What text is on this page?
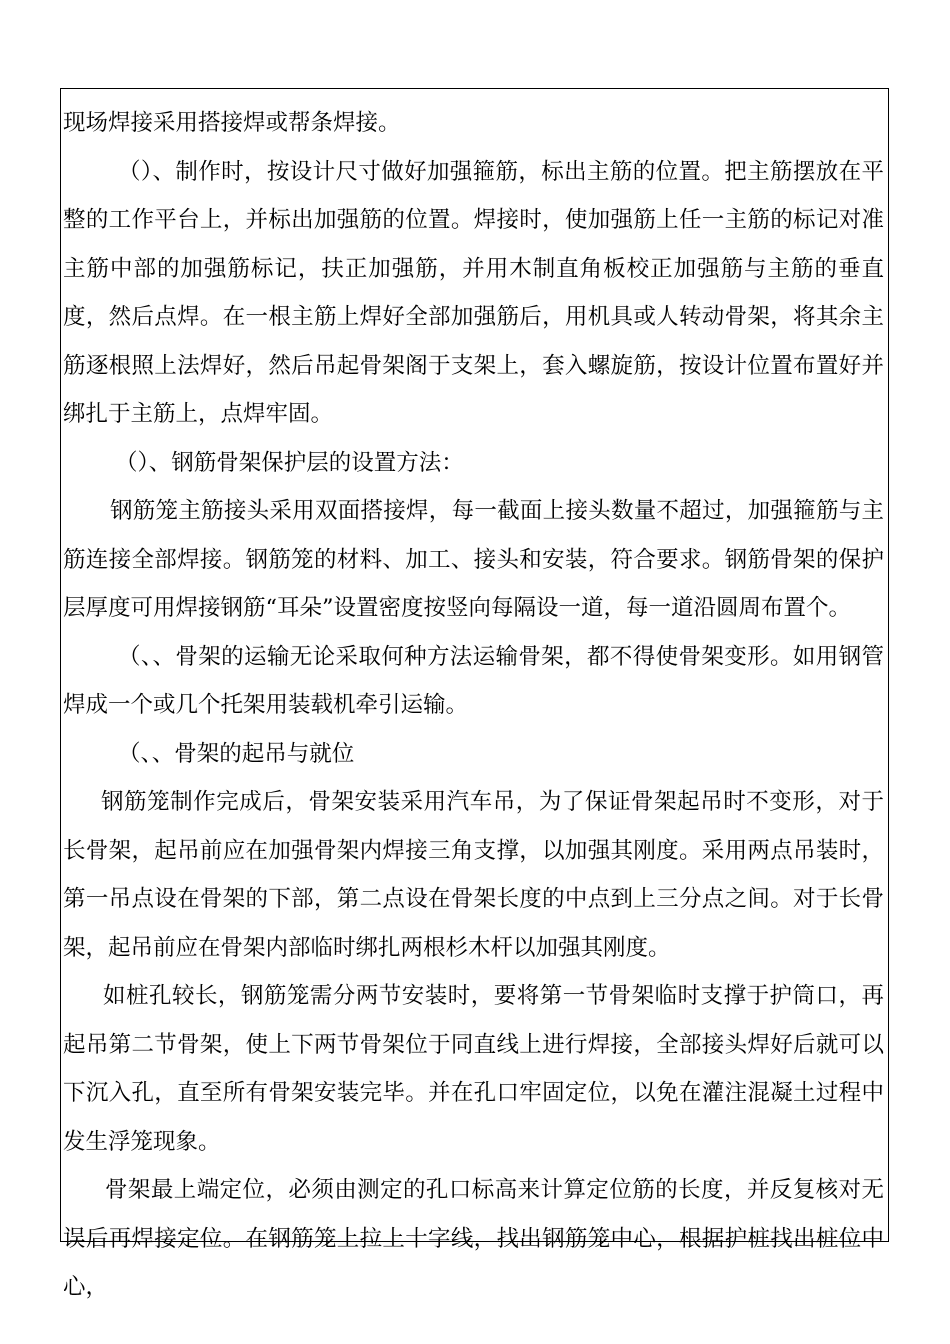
现场焊接采用搭接焊或帮条焊接。

（）、制作时，按设计尺寸做好加强箍筋，标出主筋的位置。把主筋摆放在平整的工作平台上，并标出加强筋的位置。焊接时，使加强筋上任一主筋的标记对准主筋中部的加强筋标记，扶正加强筋，并用木制直角板校正加强筋与主筋的垂直度，然后点焊。在一根主筋上焊好全部加强筋后，用机具或人转动骨架，将其余主筋逐根照上法焊好，然后吊起骨架阁于支架上，套入螺旋筋，按设计位置布置好并绑扎于主筋上，点焊牢固。

（）、钢筋骨架保护层的设置方法：

钢筋笼主筋接头采用双面搭接焊，每一截面上接头数量不超过，加强箍筋与主筋连接全部焊接。钢筋笼的材料、加工、接头和安装，符合要求。钢筋骨架的保护层厚度可用焊接钢筋“耳朵”设置密度按竖向每隔设一道，每一道沿圆周布置个。

（、、骨架的运输无论采取何种方法运输骨架，都不得使骨架变形。如用钢管焊成一个或几个托架用装载机牵引运输。

（、、骨架的起吊与就位

钢筋笼制作完成后，骨架安装采用汽车吊，为了保证骨架起吊时不变形，对于长骨架，起吊前应在加强骨架内焊接三角支撑，以加强其刚度。采用两点吊装时，第一吊点设在骨架的下部，第二点设在骨架长度的中点到上三分点之间。对于长骨架，起吊前应在骨架内部临时绑扎两根杉木杆以加强其刚度。

如桩孔较长，钢筋笼需分两节安装时，要将第一节骨架临时支撑于护筒口，再起吊第二节骨架，使上下两节骨架位于同直线上进行焊接，全部接头焊好后就可以下沉入孔，直至所有骨架安装完毕。并在孔口牢固定位，以免在灌注混凝土过程中发生浮笼现象。

骨架最上端定位，必须由测定的孔口标高来计算定位筋的长度，并反复核对无误后再焊接定位。在钢筋笼上拉上十字线，找出钢筋笼中心，根据护桩找出桩位中心，
